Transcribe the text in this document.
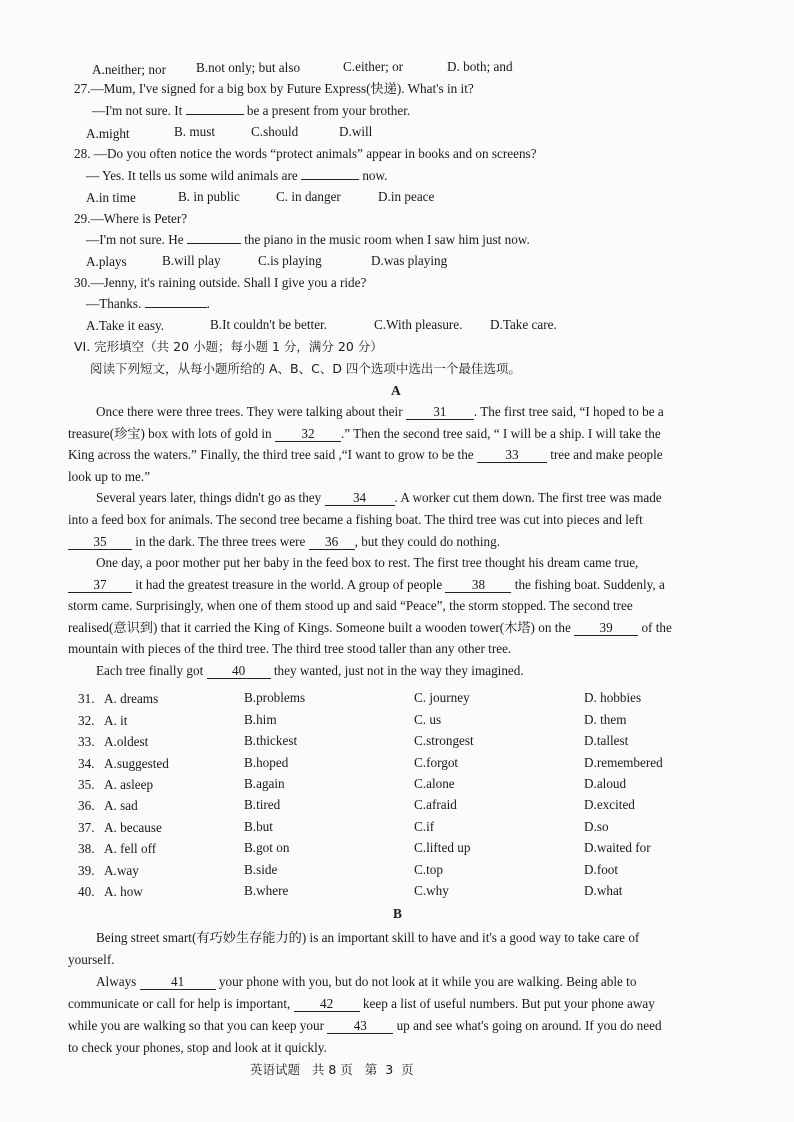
A.neither; nor B.not only; but also	C.either; or	D. both; and
27.—Mum, I've signed for a big box by Future Express(快递). What's in it?
—I'm not sure. It	be a present from your brother.
A.might	B. must	C.should	D.will
28. —Do you often notice the words “protect animals” appear in books and on screens?
— Yes. It tells us some wild animals are	now.
A.in time	B. in public	C. in danger	D.in peace
29.—Where is Peter?
—I'm not sure. He	the piano in the music room when I saw him just now.
A.plays	B.will play	C.is playing	D.was playing
30.—Jenny, it's raining outside. Shall I give you a ride?
—Thanks.	.
A.Take it easy.	B.It couldn't be better.	C.With pleasure. D.Take care.
VI. 完形填空（共 20 小题；每小题 1 分，满分 20 分）
阅读下列短文，从每小题所给的 A、B、C、D 四个选项中选出一个最佳选项。
A
Once there were three trees. They were talking about their 31 . The first tree said, “I hoped to be a
treasure(珍宝) box with lots of gold in 32 .” Then the second tree said, “ I will be a ship. I will take the
King across the waters.” Finally, the third tree said ,“I want to grow to be the 33 tree and make people
look up to me.”
Several years later, things didn't go as they 34 . A worker cut them down. The first tree was made
into a feed box for animals. The second tree became a fishing boat. The third tree was cut into pieces and left
35 in the dark. The three trees were 36 , but they could do nothing.
One day, a poor mother put her baby in the feed box to rest. The first tree thought his dream came true,
37 it had the greatest treasure in the world. A group of people 38 the fishing boat. Suddenly, a
storm came. Surprisingly, when one of them stood up and said “Peace”, the storm stopped. The second tree
realised(意识到) that it carried the King of Kings. Someone built a wooden tower(木塔) on the 39 of the
mountain with pieces of the third tree. The third tree stood taller than any other tree.
Each tree finally got 40 they wanted, just not in the way they imagined.
31. A. dreams	B.problems	C. journey	D. hobbies
32. A. it	B.him	C. us	D. them
33. A.oldest	B.thickest	C.strongest	D.tallest
34. A.suggested	B.hoped	C.forgot	D.remembered
35. A. asleep	B.again	C.alone	D.aloud
36. A. sad	B.tired	C.afraid	D.excited
37. A. because	B.but	C.if	D.so
38. A. fell off	B.got on	C.lifted up	D.waited for
39. A.way	B.side	C.top	D.foot
40. A. how	B.where	C.why	D.what
B
Being street smart(有巧妙生存能力的) is an important skill to have and it's a good way to take care of
yourself.
Always	41	your phone with you, but do not look at it while you are walking. Being able to
communicate or call for help is important, 42 keep a list of useful numbers. But put your phone away
while you are walking so that you can keep your 43 up and see what's going on around. If you do need
to check your phones, stop and look at it quickly.
英语试题 共 8 页 第 3 页
